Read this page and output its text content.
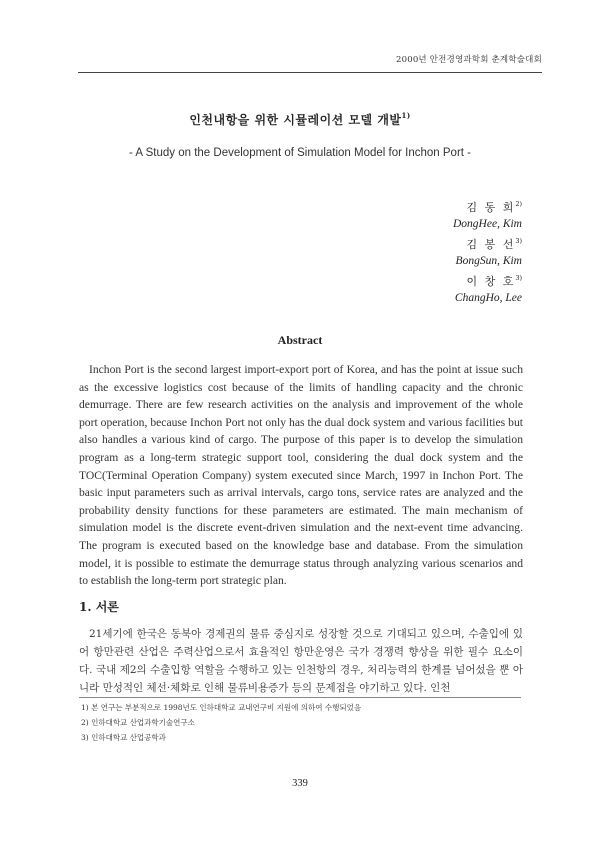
2000년 안전경영과학회 춘계학술대회
인천내항을 위한 시뮬레이션 모델 개발$^{1)}$
- A Study on the Development of Simulation Model for Inchon Port -
김 동 희$^{2)}$
DongHee, Kim
김 봉 선$^{3)}$
BongSun, Kim
이 창 호$^{3)}$
ChangHo, Lee
Abstract
Inchon Port is the second largest import-export port of Korea, and has the point at issue such as the excessive logistics cost because of the limits of handling capacity and the chronic demurrage. There are few research activities on the analysis and improvement of the whole port operation, because Inchon Port not only has the dual dock system and various facilities but also handles a various kind of cargo. The purpose of this paper is to develop the simulation program as a long-term strategic support tool, considering the dual dock system and the TOC(Terminal Operation Company) system executed since March, 1997 in Inchon Port. The basic input parameters such as arrival intervals, cargo tons, service rates are analyzed and the probability density functions for these parameters are estimated. The main mechanism of simulation model is the discrete event-driven simulation and the next-event time advancing. The program is executed based on the knowledge base and database. From the simulation model, it is possible to estimate the demurrage status through analyzing various scenarios and to establish the long-term port strategic plan.
1. 서론
21세기에 한국은 동북아 경제권의 물류 중심지로 성장할 것으로 기대되고 있으며, 수출입에 있어 항만관련 산업은 주력산업으로서 효율적인 항만운영은 국가 경쟁력 향상을 위한 필수 요소이다. 국내 제2의 수출입항 역할을 수행하고 있는 인천항의 경우, 처리능력의 한계를 넘어섰을 뿐 아니라 만성적인 체선·체화로 인해 물류비용증가 등의 문제점을 야기하고 있다. 인천
1) 본 연구는 부분적으로 1998년도 인하대학교 교내연구비 지원에 의하여 수행되었음
2) 인하대학교 산업과학기술연구소
3) 인하대학교 산업공학과
339
